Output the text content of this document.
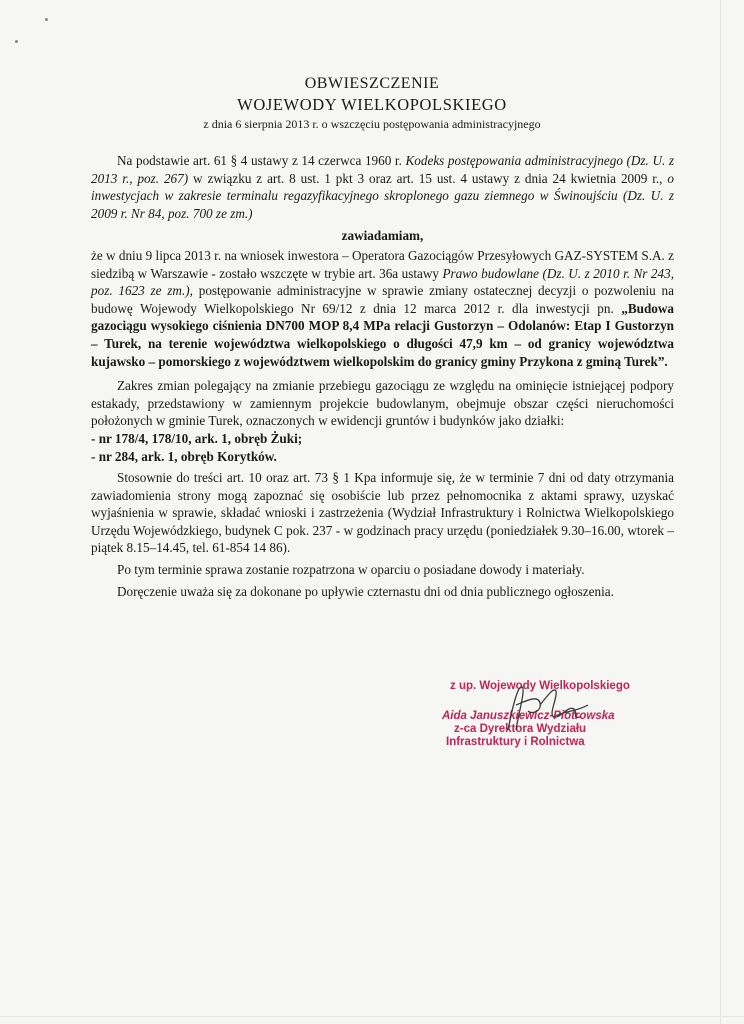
OBWIESZCZENIE
WOJEWODY WIELKOPOLSKIEGO
z dnia 6 sierpnia 2013 r. o wszczęciu postępowania administracyjnego

Na podstawie art. 61 § 4 ustawy z 14 czerwca 1960 r. Kodeks postępowania administracyjnego (Dz. U. z 2013 r., poz. 267) w związku z art. 8 ust. 1 pkt 3 oraz art. 15 ust. 4 ustawy z dnia 24 kwietnia 2009 r., o inwestycjach w zakresie terminalu regazyfikacyjnego skroplonego gazu ziemnego w Świnoujściu (Dz. U. z 2009 r. Nr 84, poz. 700 ze zm.)

zawiadamiam,

że w dniu 9 lipca 2013 r. na wniosek inwestora – Operatora Gazociągów Przesyłowych GAZ-SYSTEM S.A. z siedzibą w Warszawie - zostało wszczęte w trybie art. 36a ustawy Prawo budowlane (Dz. U. z 2010 r. Nr 243, poz. 1623 ze zm.), postępowanie administracyjne w sprawie zmiany ostatecznej decyzji o pozwoleniu na budowę Wojewody Wielkopolskiego Nr 69/12 z dnia 12 marca 2012 r. dla inwestycji pn. „Budowa gazociągu wysokiego ciśnienia DN700 MOP 8,4 MPa relacji Gustorzyn – Odolanów: Etap I Gustorzyn – Turek, na terenie województwa wielkopolskiego o długości 47,9 km – od granicy województwa kujawsko – pomorskiego z województwem wielkopolskim do granicy gminy Przykona z gminą Turek”.

Zakres zmian polegający na zmianie przebiegu gazociągu ze względu na ominięcie istniejącej podpory estakady, przedstawiony w zamiennym projekcie budowlanym, obejmuje obszar części nieruchomości położonych w gminie Turek, oznaczonych w ewidencji gruntów i budynków jako działki:

- nr 178/4, 178/10, ark. 1, obręb Żuki;

- nr 284, ark. 1, obręb Korytków.

Stosownie do treści art. 10 oraz art. 73 § 1 Kpa informuje się, że w terminie 7 dni od daty otrzymania zawiadomienia strony mogą zapoznać się osobiście lub przez pełnomocnika z aktami sprawy, uzyskać wyjaśnienia w sprawie, składać wnioski i zastrzeżenia (Wydział Infrastruktury i Rolnictwa Wielkopolskiego Urzędu Wojewódzkiego, budynek C pok. 237 - w godzinach pracy urzędu (poniedziałek 9.30–16.00, wtorek – piątek 8.15–14.45, tel. 61-854 14 86).

Po tym terminie sprawa zostanie rozpatrzona w oparciu o posiadane dowody i materiały.

Doręczenie uważa się za dokonane po upływie czternastu dni od dnia publicznego ogłoszenia.

z up. Wojewody Wielkopolskiego
Aida Januszkiewicz-Piotrowska
z-ca Dyrektora Wydziału
Infrastruktury i Rolnictwa
